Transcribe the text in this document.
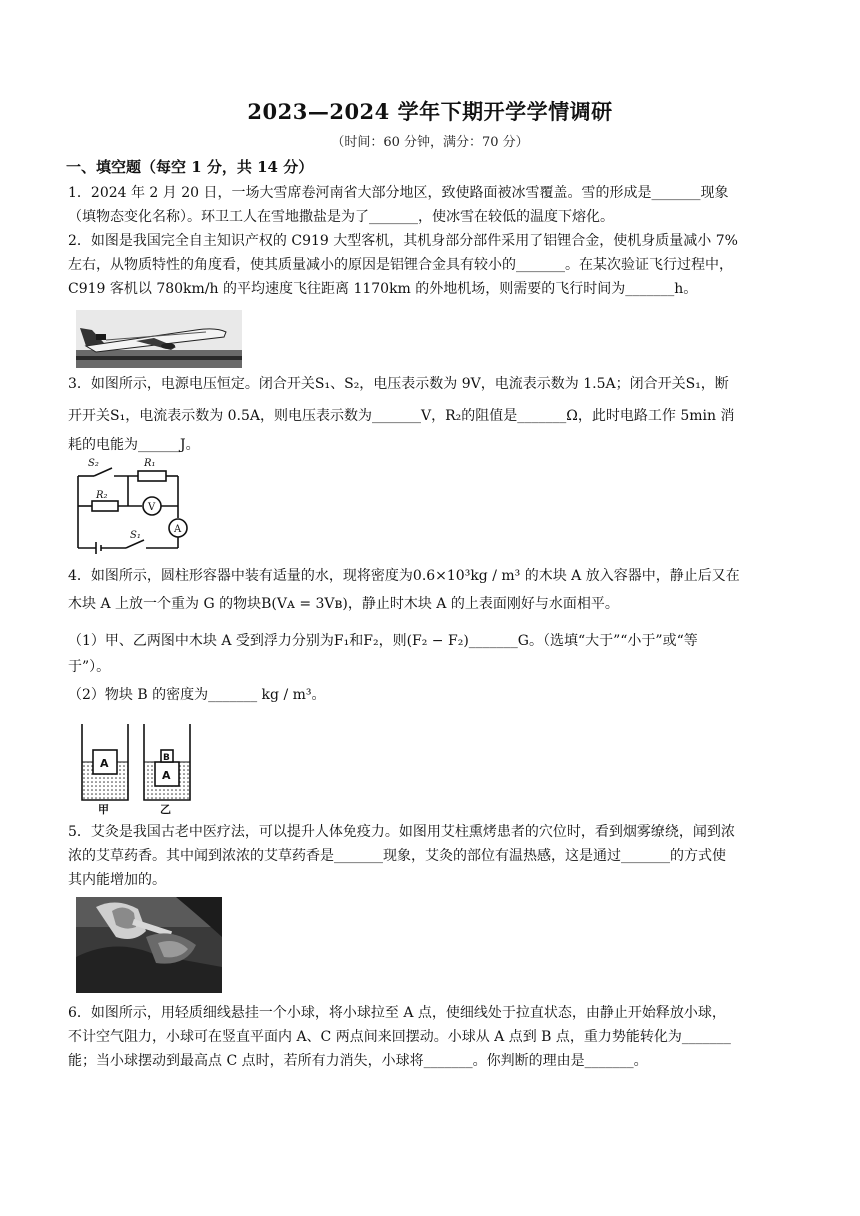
2023—2024 学年下期开学学情调研
（时间：60 分钟，满分：70 分）
一、填空题（每空 1 分，共 14 分）
1．2024 年 2 月 20 日，一场大雪席卷河南省大部分地区，致使路面被冰雪覆盖。雪的形成是_______现象
（填物态变化名称）。环卫工人在雪地撒盐是为了_______，使冰雪在较低的温度下熔化。
2．如图是我国完全自主知识产权的 C919 大型客机，其机身部分部件采用了铝锂合金，使机身质量减小 7%
左右，从物质特性的角度看，使其质量减小的原因是铝锂合金具有较小的_______。在某次验证飞行过程中，
C919 客机以 780km/h 的平均速度飞往距离 1170km 的外地机场，则需要的飞行时间为_______h。
3．如图所示，电源电压恒定。闭合开关S₁、S₂，电压表示数为 9V，电流表示数为 1.5A；闭合开关S₁，断
开开关S₁，电流表示数为 0.5A，则电压表示数为_______V，R₂的阻值是_______Ω，此时电路工作 5min 消
耗的电能为______J。
S₂	R₁
R₂
V
A
S₁
4．如图所示，圆柱形容器中装有适量的水，现将密度为0.6×10³kg / m³ 的木块 A 放入容器中，静止后又在
木块 A 上放一个重为 G 的物块B(Vᴀ = 3Vʙ)，静止时木块 A 的上表面刚好与水面相平。
（1）甲、乙两图中木块 A 受到浮力分别为F₁和F₂，则(F₂ − F₂)_______G。（选填“大于”“小于”或“等
于”）。
（2）物块 B 的密度为_______ kg / m³。
A
A
B
甲	乙
5．艾灸是我国古老中医疗法，可以提升人体免疫力。如图用艾柱熏烤患者的穴位时，看到烟雾缭绕，闻到浓
浓的艾草药香。其中闻到浓浓的艾草药香是_______现象，艾灸的部位有温热感，这是通过_______的方式使
其内能增加的。
6．如图所示，用轻质细线悬挂一个小球，将小球拉至 A 点，使细线处于拉直状态，由静止开始释放小球，
不计空气阻力，小球可在竖直平面内 A、C 两点间来回摆动。小球从 A 点到 B 点，重力势能转化为_______
能；当小球摆动到最高点 C 点时，若所有力消失，小球将_______。你判断的理由是_______。
